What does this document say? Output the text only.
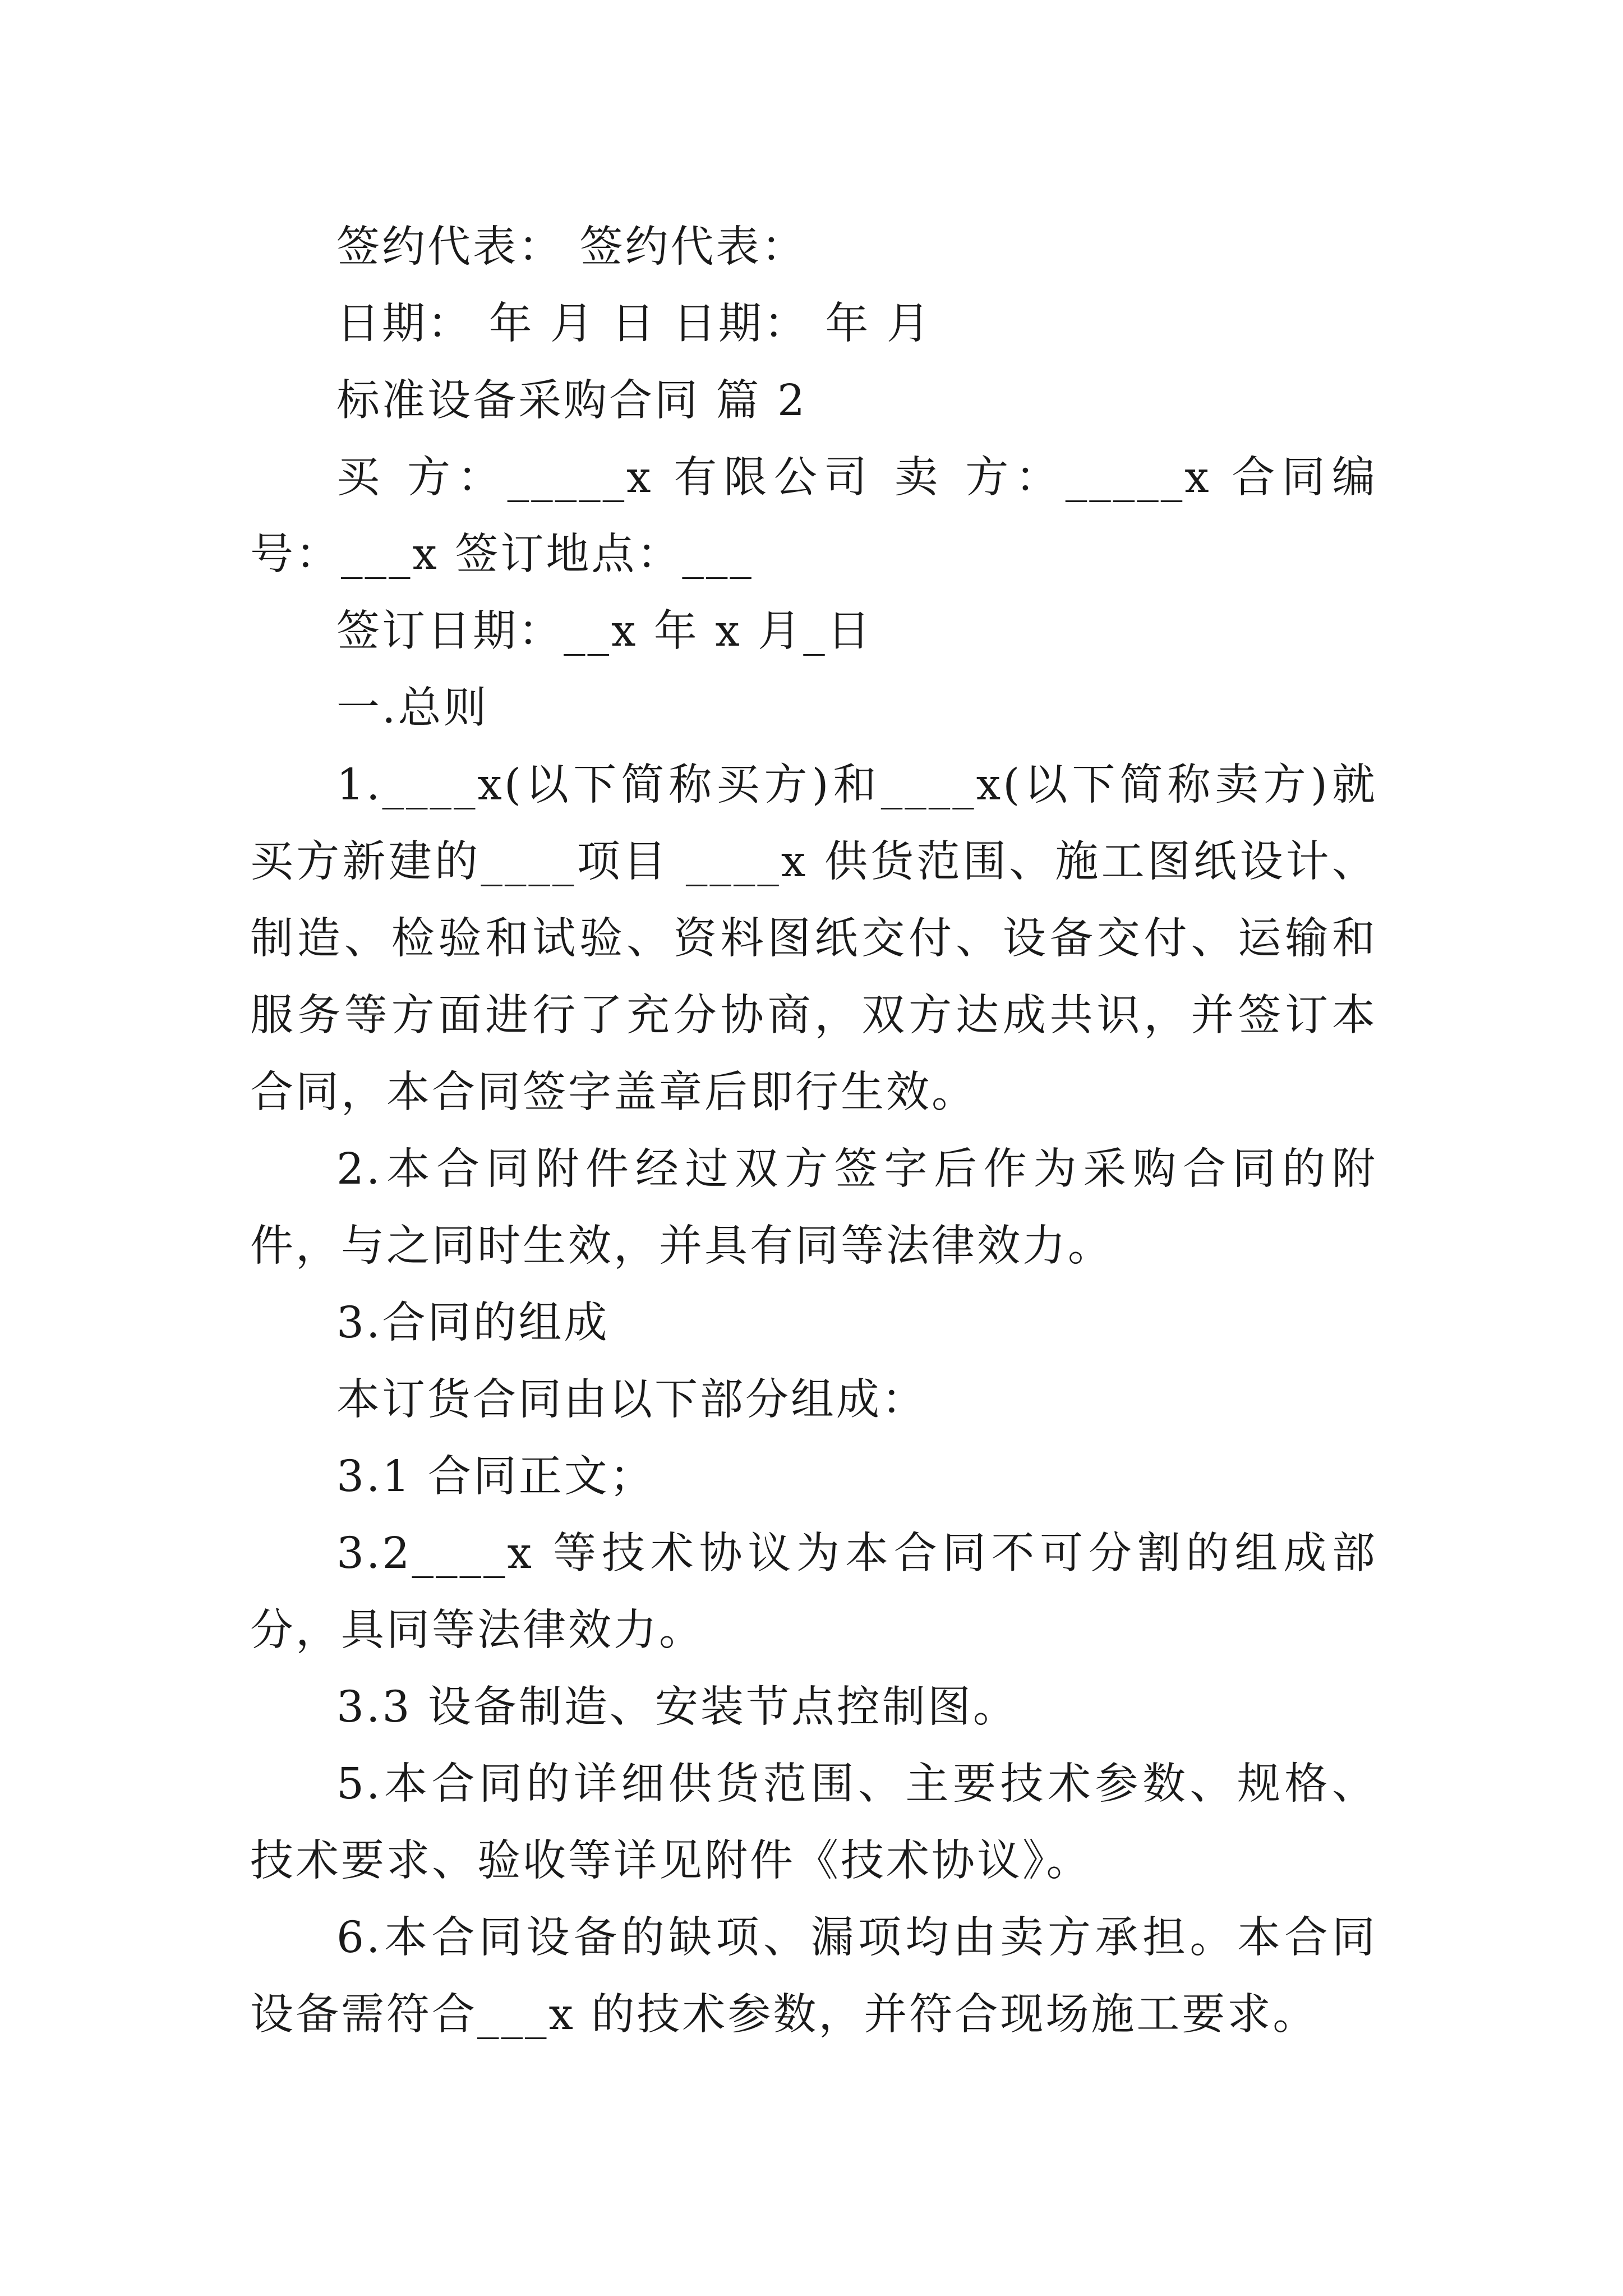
签约代表： 签约代表：

日期： 年 月 日 日期： 年 月

标准设备采购合同 篇 2

买 方：_____x 有限公司 卖 方：_____x 合同编号：___x 签订地点：___

签订日期：__x 年 x 月_日

一.总则

1.____x(以下简称买方)和____x(以下简称卖方)就买方新建的____项目 ____x 供货范围、施工图纸设计、制造、检验和试验、资料图纸交付、设备交付、运输和服务等方面进行了充分协商，双方达成共识，并签订本合同，本合同签字盖章后即行生效。

2.本合同附件经过双方签字后作为采购合同的附件，与之同时生效，并具有同等法律效力。

3.合同的组成

本订货合同由以下部分组成：

3.1 合同正文；

3.2____x 等技术协议为本合同不可分割的组成部分，具同等法律效力。

3.3 设备制造、安装节点控制图。

5.本合同的详细供货范围、主要技术参数、规格、技术要求、验收等详见附件《技术协议》。

6.本合同设备的缺项、漏项均由卖方承担。本合同设备需符合___x 的技术参数，并符合现场施工要求。
